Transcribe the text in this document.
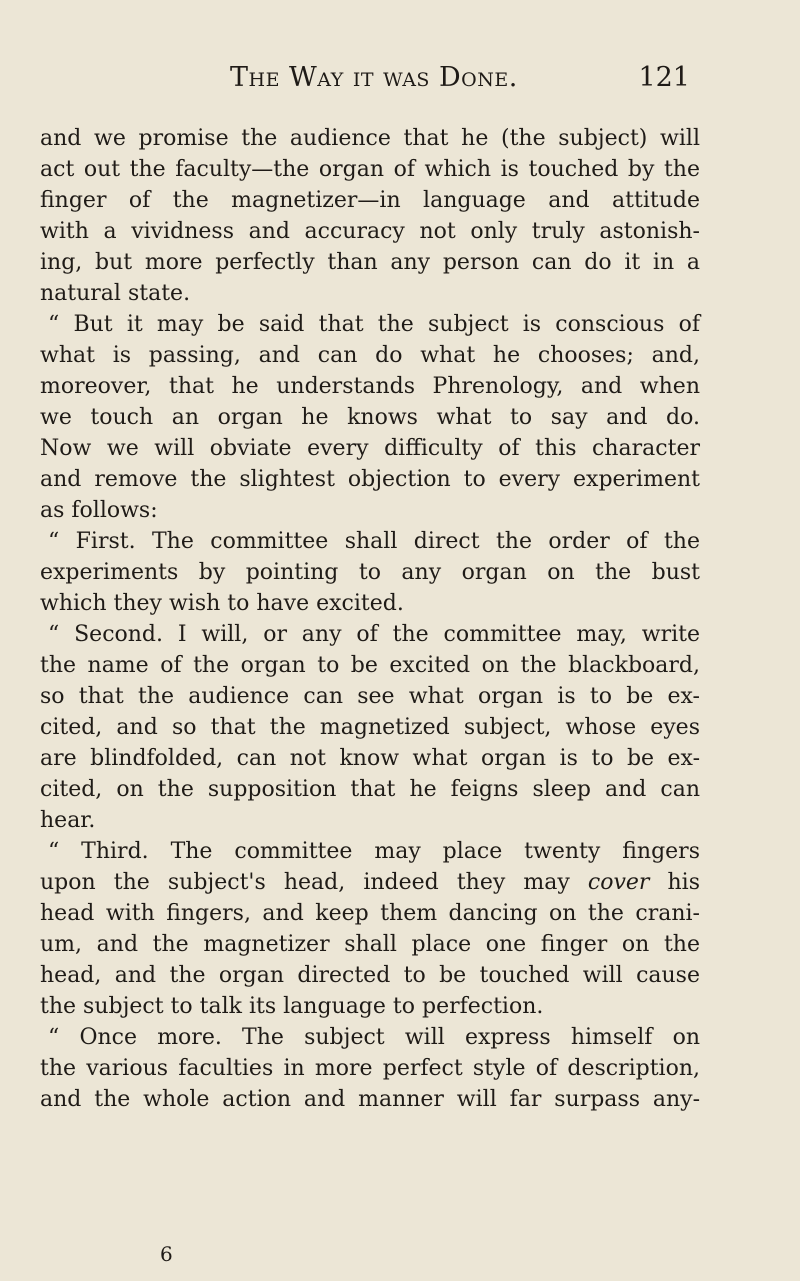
The Way it was Done.	121
and we promise the audience that he (the subject) will
act out the faculty—the organ of which is touched by the
finger of the magnetizer—in language and attitude
with a vividness and accuracy not only truly astonish-
ing, but more perfectly than any person can do it in a
natural state.
“ But it may be said that the subject is conscious of
what is passing, and can do what he chooses; and,
moreover, that he understands Phrenology, and when
we touch an organ he knows what to say and do.
Now we will obviate every difficulty of this character
and remove the slightest objection to every experiment
as follows:
“ First. The committee shall direct the order of the
experiments by pointing to any organ on the bust
which they wish to have excited.
“ Second. I will, or any of the committee may, write
the name of the organ to be excited on the blackboard,
so that the audience can see what organ is to be ex-
cited, and so that the magnetized subject, whose eyes
are blindfolded, can not know what organ is to be ex-
cited, on the supposition that he feigns sleep and can
hear.
“ Third. The committee may place twenty fingers
upon the subject's head, indeed they may cover his
head with fingers, and keep them dancing on the crani-
um, and the magnetizer shall place one finger on the
head, and the organ directed to be touched will cause
the subject to talk its language to perfection.
“ Once more. The subject will express himself on
the various faculties in more perfect style of description,
and the whole action and manner will far surpass any-
6
